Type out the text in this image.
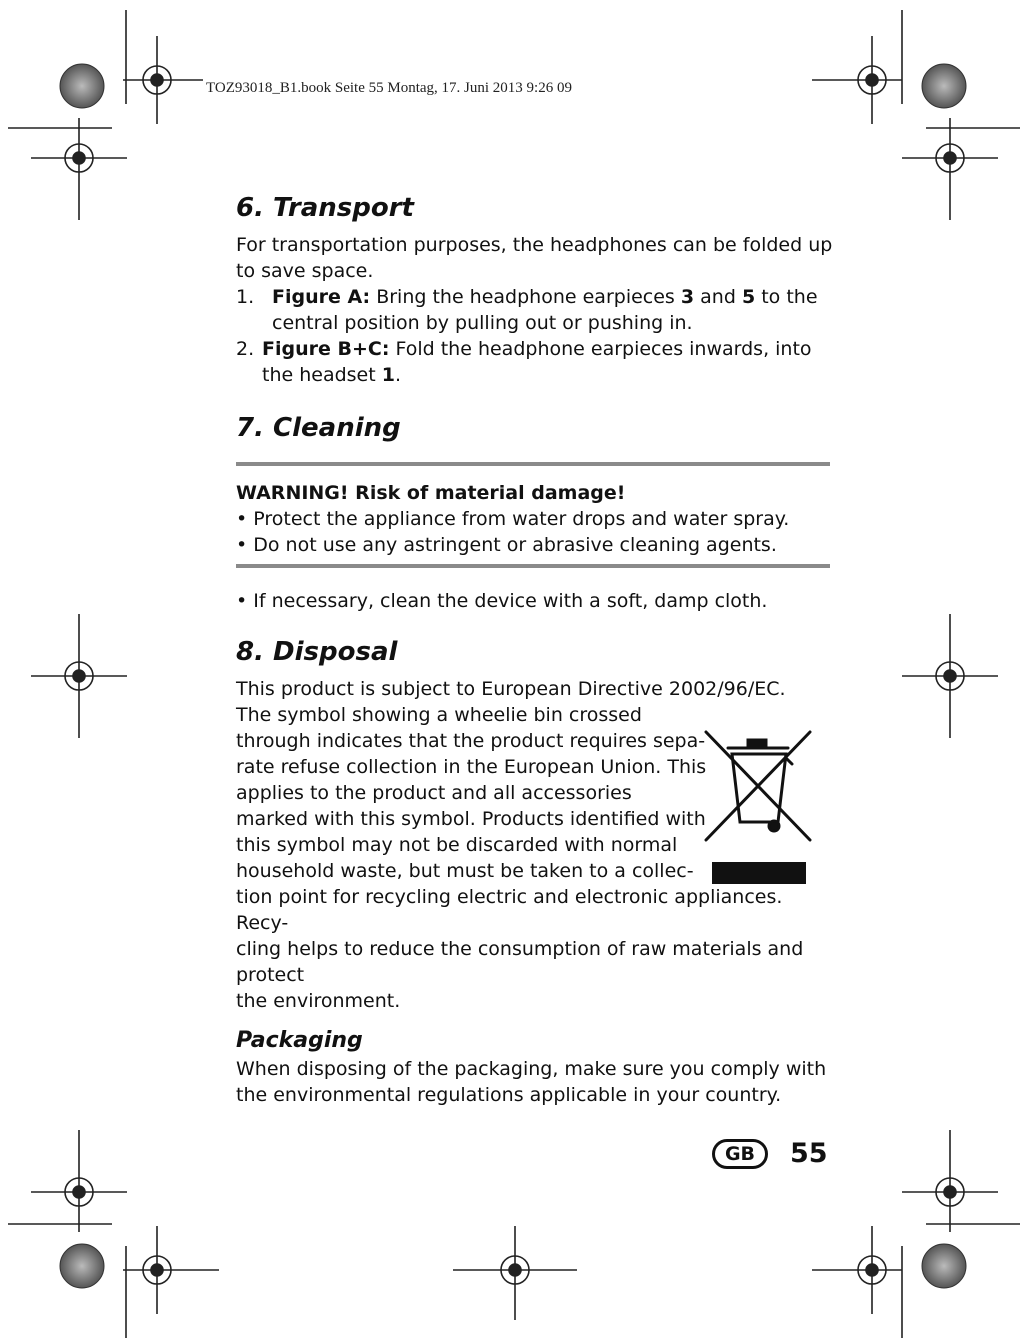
TOZ93018_B1.book Seite 55 Montag, 17. Juni 2013 9:26 09
6. Transport

For transportation purposes, the headphones can be folded up to save space.

1. Figure A: Bring the headphone earpieces 3 and 5 to the central position by pulling out or pushing in.
2. Figure B+C: Fold the headphone earpieces inwards, into the headset 1.
7. Cleaning
WARNING! Risk of material damage!
• Protect the appliance from water drops and water spray.
• Do not use any astringent or abrasive cleaning agents.
• If necessary, clean the device with a soft, damp cloth.
8. Disposal
This product is subject to European Directive 2002/96/EC.
The symbol showing a wheelie bin crossed
through indicates that the product requires sepa-
rate refuse collection in the European Union. This
applies to the product and all accessories
marked with this symbol. Products identified with
this symbol may not be discarded with normal
household waste, but must be taken to a collec-
tion point for recycling electric and electronic appliances. Recy-
cling helps to reduce the consumption of raw materials and protect
the environment.
Packaging

When disposing of the packaging, make sure you comply with the environmental regulations applicable in your country.

GB	55
